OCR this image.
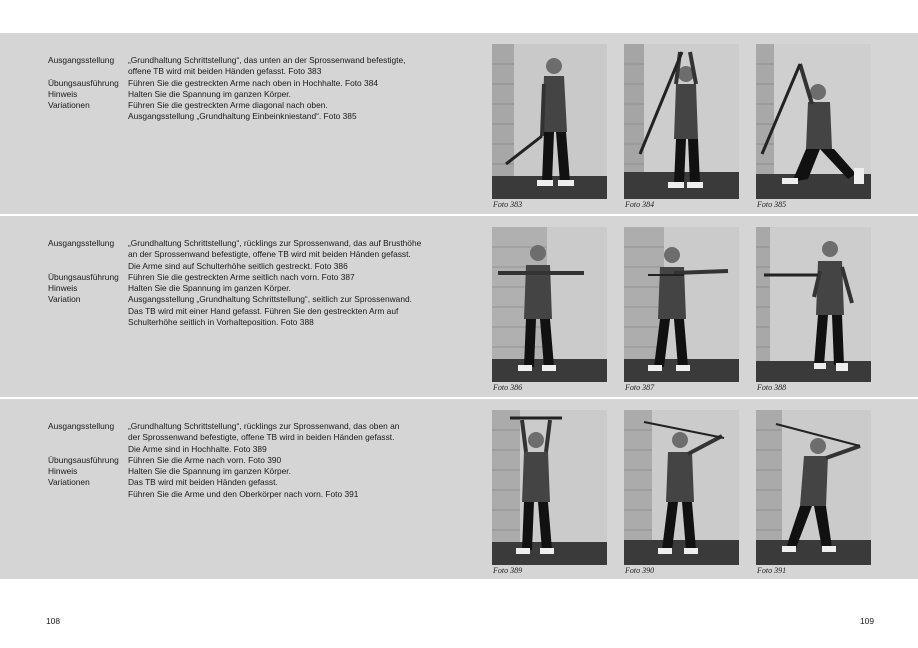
Ausgangsstellung	„Grundhaltung Schrittstellung“, das unten an der Sprossenwand befestigte,
offene TB wird mit beiden Händen gefasst. Foto 383
Übungsausführung	Führen Sie die gestreckten Arme nach oben in Hochhalte. Foto 384
Hinweis	Halten Sie die Spannung im ganzen Körper.
Variationen	Führen Sie die gestreckten Arme diagonal nach oben.
Ausgangsstellung „Grundhaltung Einbeinkniestand“. Foto 385
Ausgangsstellung	„Grundhaltung Schrittstellung“, rücklings zur Sprossenwand, das auf Brusthöhe
an der Sprossenwand befestigte, offene TB wird mit beiden Händen gefasst.
Die Arme sind auf Schulterhöhe seitlich gestreckt. Foto 386
Übungsausführung	Führen Sie die gestreckten Arme seitlich nach vorn. Foto 387
Hinweis	Halten Sie die Spannung im ganzen Körper.
Variation	Ausgangsstellung „Grundhaltung Schrittstellung“, seitlich zur Sprossenwand.
Das TB wird mit einer Hand gefasst. Führen Sie den gestreckten Arm auf
Schulterhöhe seitlich in Vorhalteposition. Foto 388
Ausgangsstellung	„Grundhaltung Schrittstellung“, rücklings zur Sprossenwand, das oben an
der Sprossenwand befestigte, offene TB wird in beiden Händen gefasst.
Die Arme sind in Hochhalte. Foto 389
Übungsausführung	Führen Sie die Arme nach vorn. Foto 390
Hinweis	Halten Sie die Spannung im ganzen Körper.
Variationen	Das TB wird mit beiden Händen gefasst.
Führen Sie die Arme und den Oberkörper nach vorn. Foto 391
Foto 383	Foto 384	Foto 385
Foto 386	Foto 387	Foto 388
Foto 389	Foto 390	Foto 391
108	109
